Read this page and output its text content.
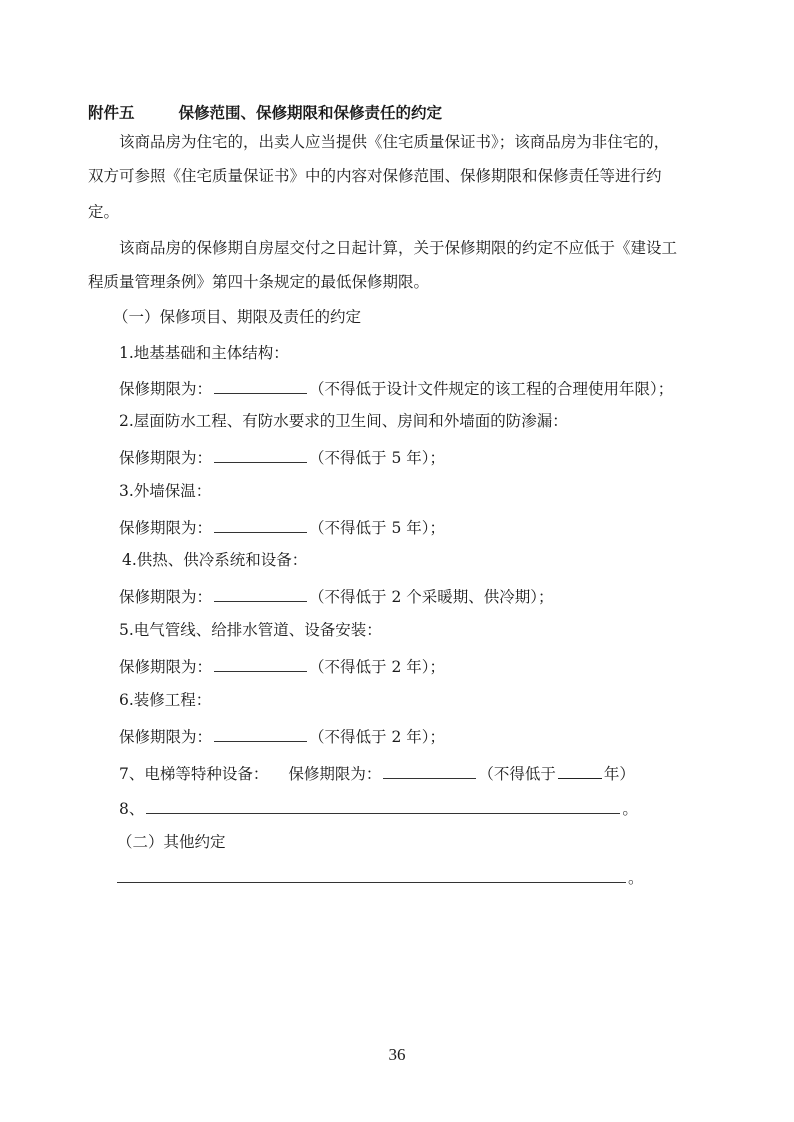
附件五	保修范围、保修期限和保修责任的约定
该商品房为住宅的，出卖人应当提供《住宅质量保证书》；该商品房为非住宅的，
双方可参照《住宅质量保证书》中的内容对保修范围、保修期限和保修责任等进行约
定。
该商品房的保修期自房屋交付之日起计算，关于保修期限的约定不应低于《建设工
程质量管理条例》第四十条规定的最低保修期限。
（一）保修项目、期限及责任的约定
1.地基基础和主体结构：
保修期限为：	（不得低于设计文件规定的该工程的合理使用年限）；
2.屋面防水工程、有防水要求的卫生间、房间和外墙面的防渗漏：
保修期限为：	（不得低于 5 年）；
3.外墙保温：
保修期限为：	（不得低于 5 年）；
4.供热、供冷系统和设备：
保修期限为：	（不得低于 2 个采暖期、供冷期）；
5.电气管线、给排水管道、设备安装：
保修期限为：	（不得低于 2 年）；
6.装修工程：
保修期限为：	（不得低于 2 年）；
7、电梯等特种设备： 保修期限为：	（不得低于	年）
8、	。
（二）其他约定
。
36
